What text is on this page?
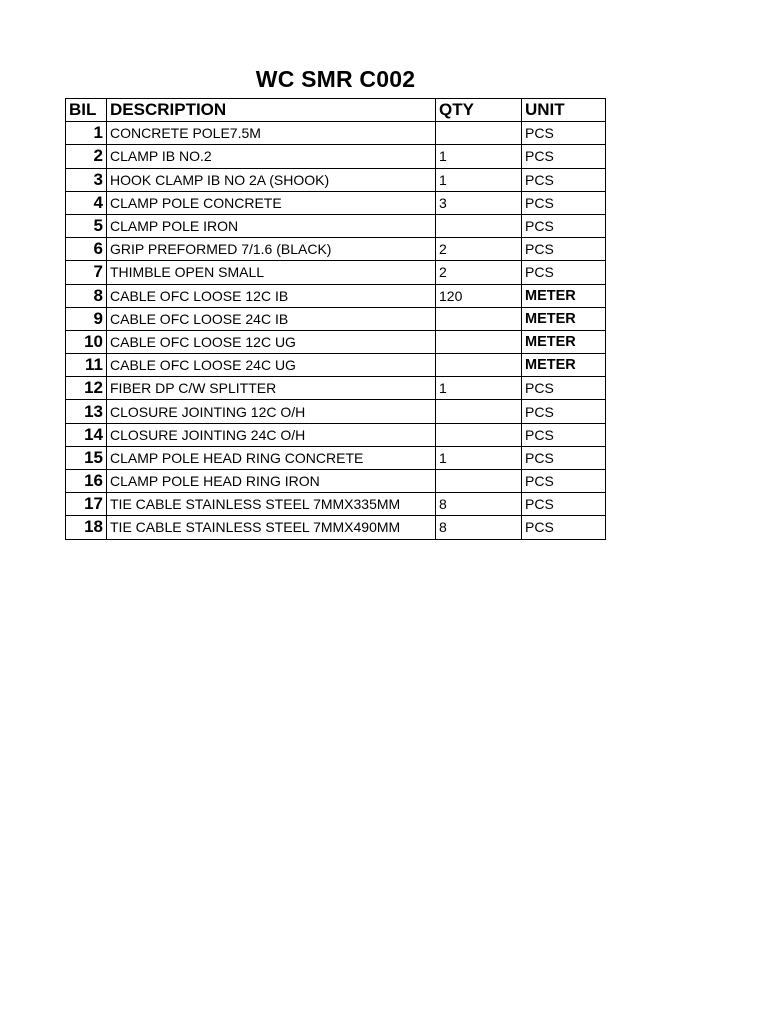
WC SMR C002
BIL	DESCRIPTION	QTY	UNIT
1	CONCRETE POLE7.5M		PCS
2	CLAMP IB NO.2	1	PCS
3	HOOK CLAMP IB NO 2A (SHOOK)	1	PCS
4	CLAMP POLE CONCRETE	3	PCS
5	CLAMP POLE IRON		PCS
6	GRIP PREFORMED 7/1.6 (BLACK)	2	PCS
7	THIMBLE OPEN SMALL	2	PCS
8	CABLE OFC LOOSE 12C IB	120	METER
9	CABLE OFC LOOSE 24C IB		METER
10	CABLE OFC LOOSE 12C UG		METER
11	CABLE OFC LOOSE 24C UG		METER
12	FIBER DP C/W SPLITTER	1	PCS
13	CLOSURE JOINTING 12C O/H		PCS
14	CLOSURE JOINTING 24C O/H		PCS
15	CLAMP POLE HEAD RING CONCRETE	1	PCS
16	CLAMP POLE HEAD RING IRON		PCS
17	TIE CABLE STAINLESS STEEL 7MMX335MM	8	PCS
18	TIE CABLE STAINLESS STEEL 7MMX490MM	8	PCS
